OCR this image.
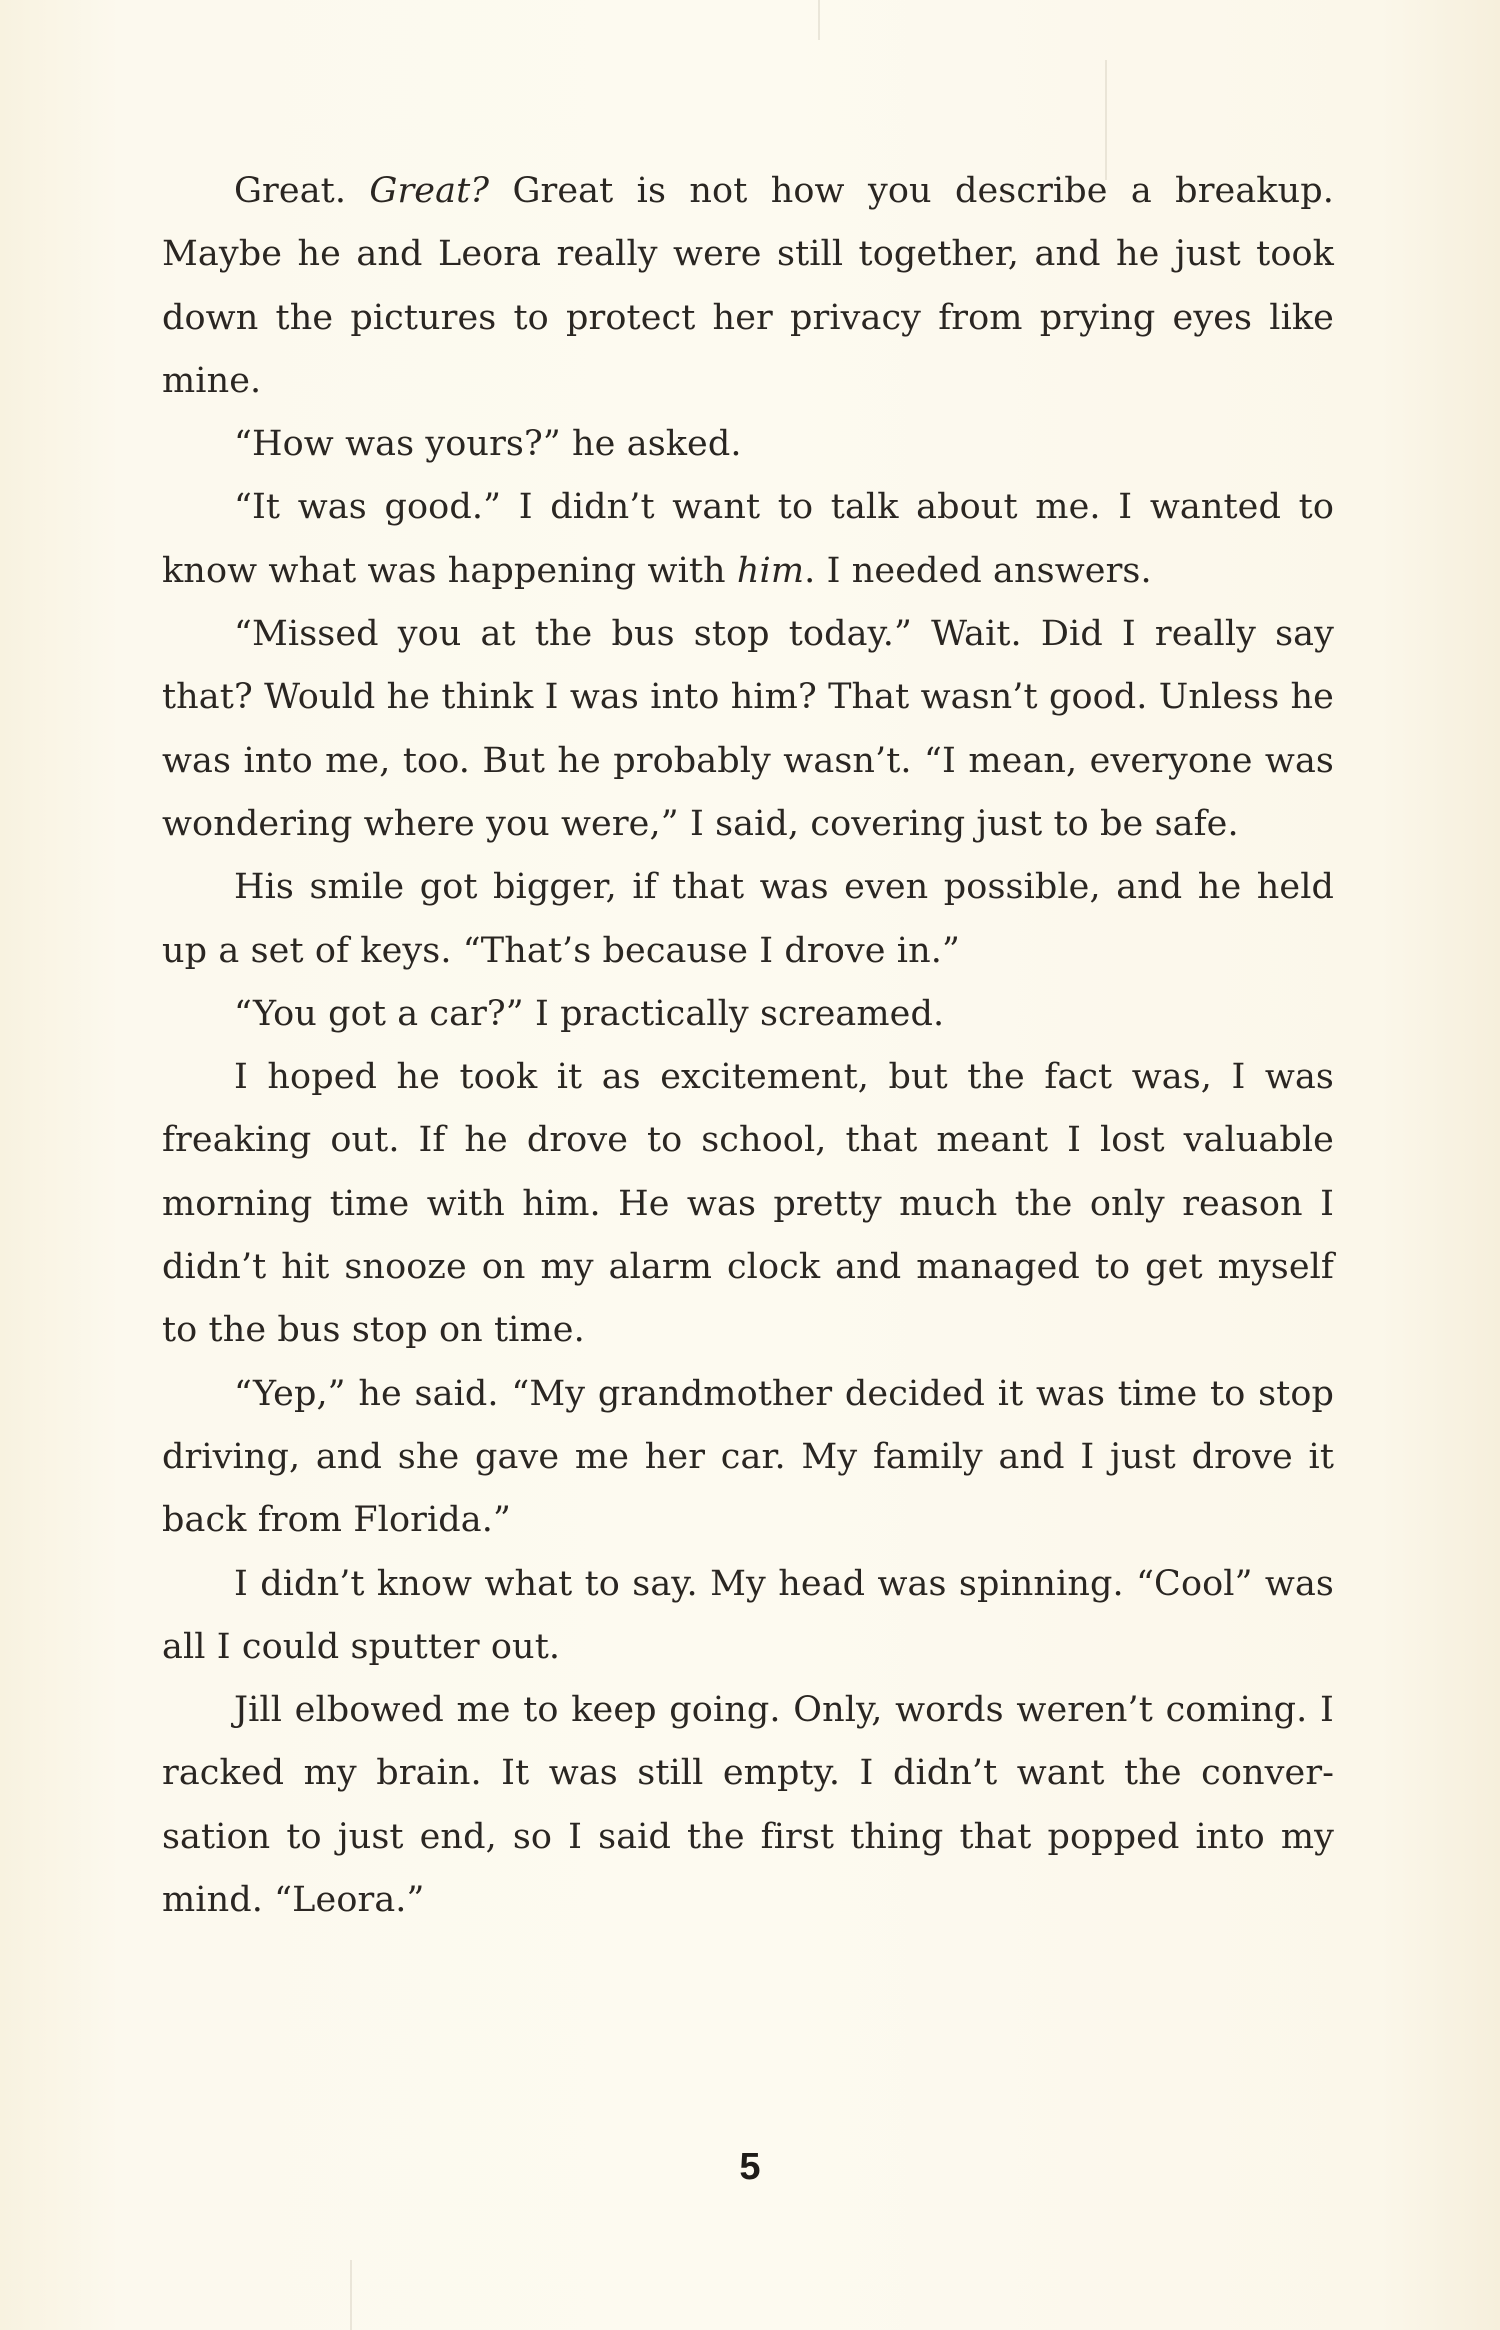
Great. Great? Great is not how you describe a breakup. Maybe he and Leora really were still together, and he just took down the pictures to protect her privacy from prying eyes like mine.

“How was yours?” he asked.

“It was good.” I didn’t want to talk about me. I wanted to know what was happening with him. I needed answers.

“Missed you at the bus stop today.” Wait. Did I really say that? Would he think I was into him? That wasn’t good. Unless he was into me, too. But he probably wasn’t. “I mean, everyone was wondering where you were,” I said, covering just to be safe.

His smile got bigger, if that was even possible, and he held up a set of keys. “That’s because I drove in.”

“You got a car?” I practically screamed.

I hoped he took it as excitement, but the fact was, I was freaking out. If he drove to school, that meant I lost valuable morning time with him. He was pretty much the only reason I didn’t hit snooze on my alarm clock and managed to get myself to the bus stop on time.

“Yep,” he said. “My grandmother decided it was time to stop driving, and she gave me her car. My family and I just drove it back from Florida.”

I didn’t know what to say. My head was spinning. “Cool” was all I could sputter out.

Jill elbowed me to keep going. Only, words weren’t coming. I racked my brain. It was still empty. I didn’t want the conversation to just end, so I said the first thing that popped into my mind. “Leora.”

5
